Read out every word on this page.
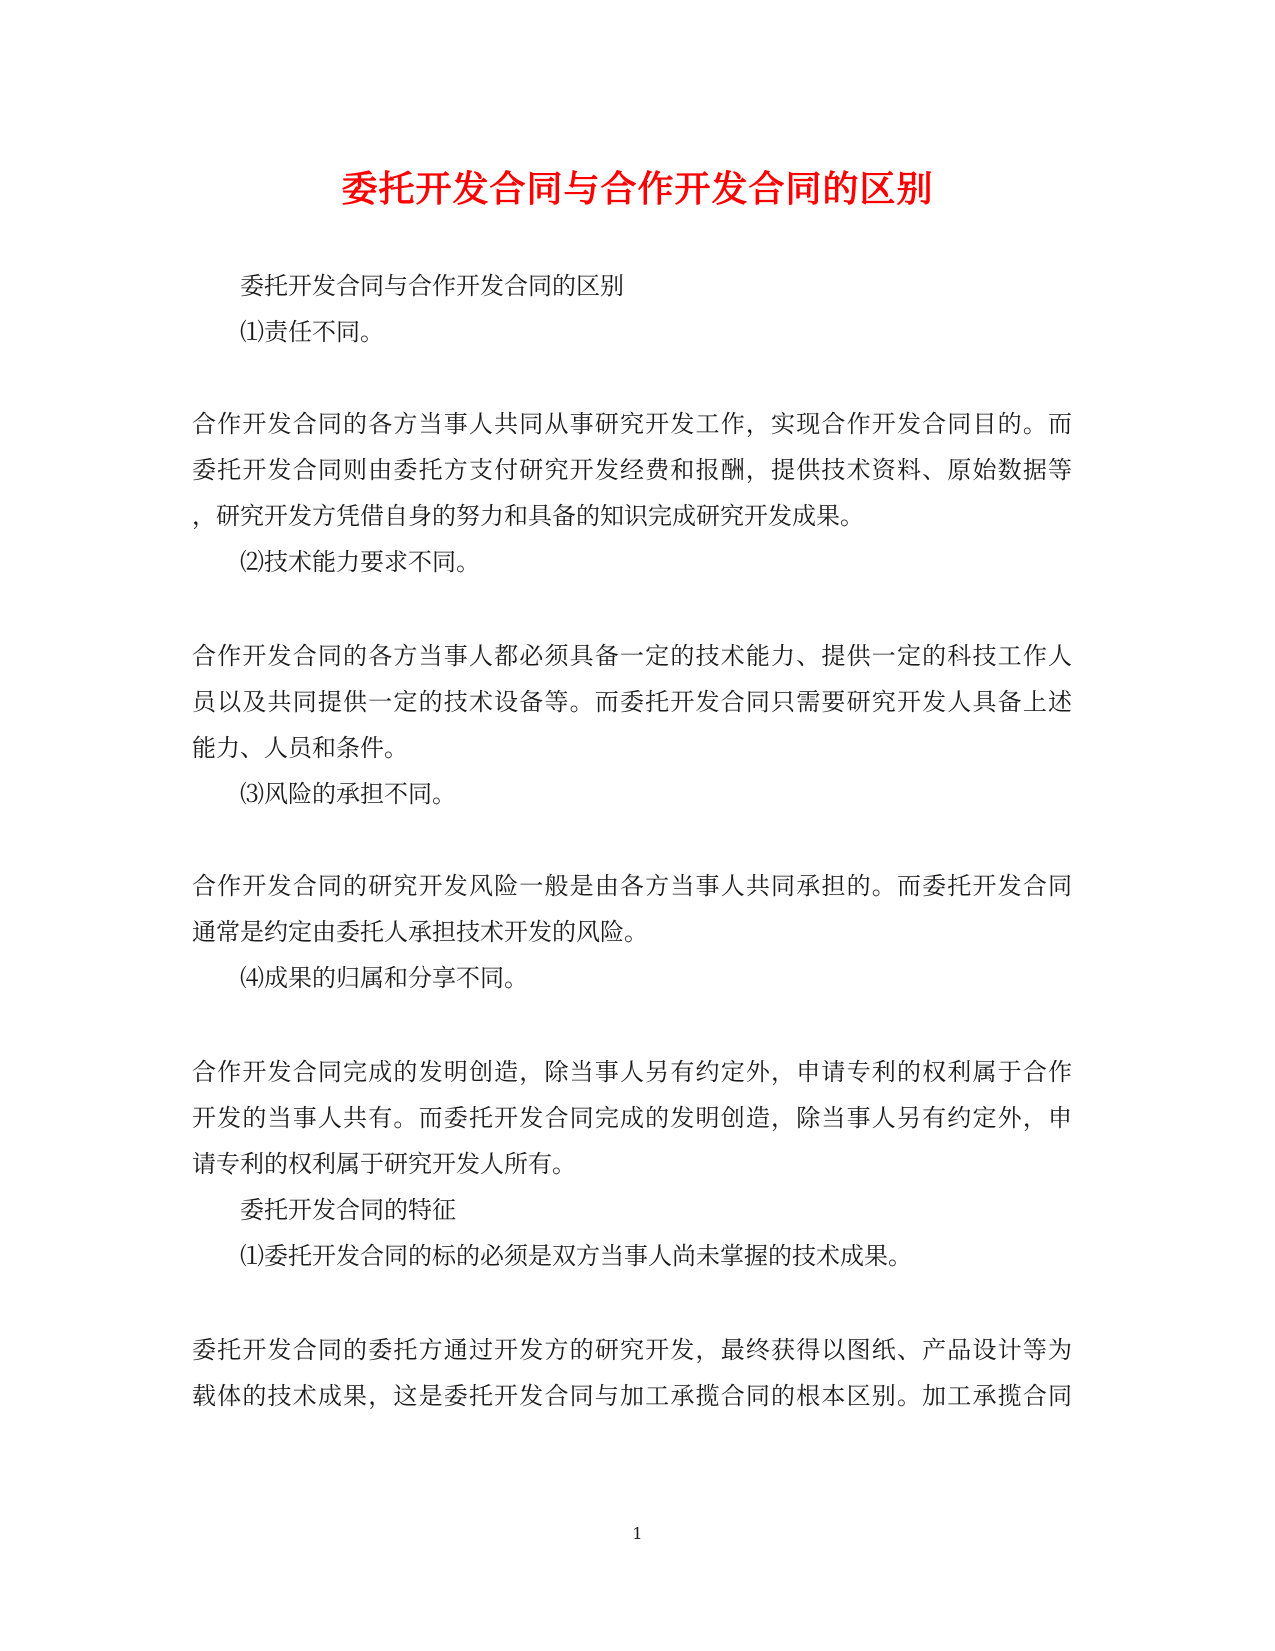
委托开发合同与合作开发合同的区别

委托开发合同与合作开发合同的区别

⑴责任不同。

合作开发合同的各方当事人共同从事研究开发工作，实现合作开发合同目的。而

委托开发合同则由委托方支付研究开发经费和报酬，提供技术资料、原始数据等

，研究开发方凭借自身的努力和具备的知识完成研究开发成果。

⑵技术能力要求不同。

合作开发合同的各方当事人都必须具备一定的技术能力、提供一定的科技工作人

员以及共同提供一定的技术设备等。而委托开发合同只需要研究开发人具备上述

能力、人员和条件。

⑶风险的承担不同。

合作开发合同的研究开发风险一般是由各方当事人共同承担的。而委托开发合同

通常是约定由委托人承担技术开发的风险。

⑷成果的归属和分享不同。

合作开发合同完成的发明创造，除当事人另有约定外，申请专利的权利属于合作

开发的当事人共有。而委托开发合同完成的发明创造，除当事人另有约定外，申

请专利的权利属于研究开发人所有。

委托开发合同的特征

⑴委托开发合同的标的必须是双方当事人尚未掌握的技术成果。

委托开发合同的委托方通过开发方的研究开发，最终获得以图纸、产品设计等为

载体的技术成果，这是委托开发合同与加工承揽合同的根本区别。加工承揽合同

1
